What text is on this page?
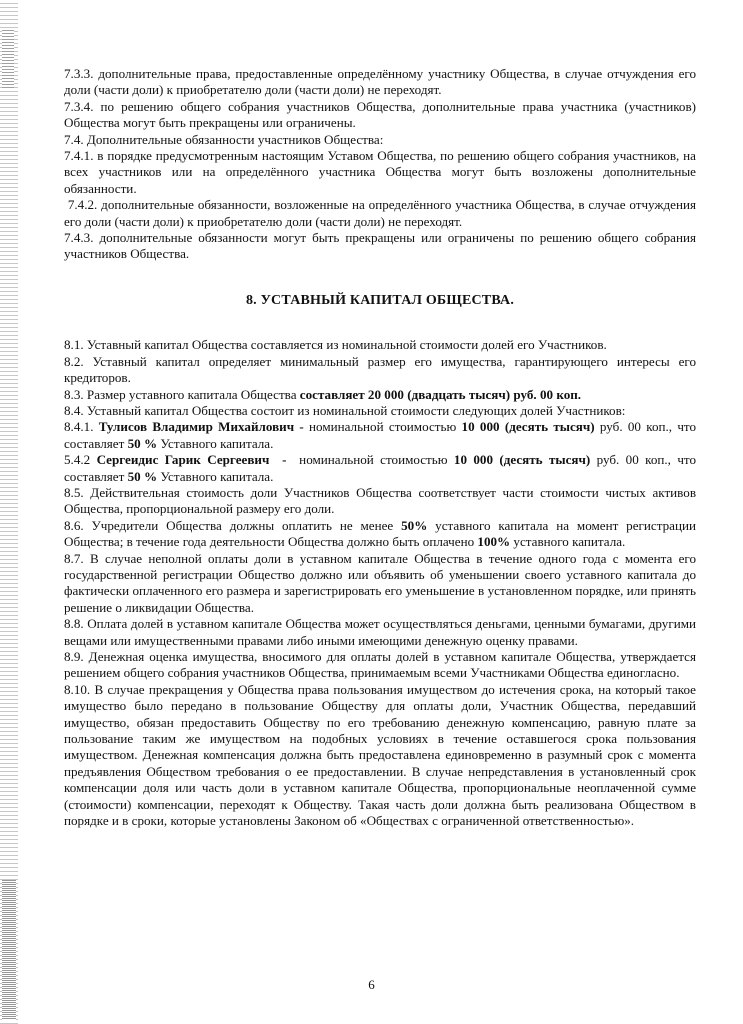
7.3.3. дополнительные права, предоставленные определённому участнику Общества, в случае отчуждения его доли (части доли) к приобретателю доли (части доли) не переходят.

7.3.4. по решению общего собрания участников Общества, дополнительные права участника (участников) Общества могут быть прекращены или ограничены.

7.4. Дополнительные обязанности участников Общества:

7.4.1. в порядке предусмотренным настоящим Уставом Общества, по решению общего собрания участников, на всех участников или на определённого участника Общества могут быть возложены дополнительные обязанности.

7.4.2. дополнительные обязанности, возложенные на определённого участника Общества, в случае отчуждения его доли (части доли) к приобретателю доли (части доли) не переходят.

7.4.3. дополнительные обязанности могут быть прекращены или ограничены по решению общего собрания участников Общества.

8. УСТАВНЫЙ КАПИТАЛ ОБЩЕСТВА.

8.1. Уставный капитал Общества составляется из номинальной стоимости долей его Участников.

8.2. Уставный капитал определяет минимальный размер его имущества, гарантирующего интересы его кредиторов.

8.3. Размер уставного капитала Общества составляет 20 000 (двадцать тысяч) руб. 00 коп.

8.4. Уставный капитал Общества состоит из номинальной стоимости следующих долей Участников:

8.4.1. Тулисов Владимир Михайлович - номинальной стоимостью 10 000 (десять тысяч) руб. 00 коп., что составляет 50 % Уставного капитала.

5.4.2 Сергеидис Гарик Сергеевич  -  номинальной стоимостью 10 000 (десять тысяч) руб. 00 коп., что составляет 50 % Уставного капитала.

8.5. Действительная стоимость доли Участников Общества соответствует части стоимости чистых активов Общества, пропорциональной размеру его доли.

8.6. Учредители Общества должны оплатить не менее 50% уставного капитала на момент регистрации Общества; в течение года деятельности Общества должно быть оплачено 100% уставного капитала.

8.7. В случае неполной оплаты доли в уставном капитале Общества в течение одного года с момента его государственной регистрации Общество должно или объявить об уменьшении своего уставного капитала до фактически оплаченного его размера и зарегистрировать его уменьшение в установленном порядке, или принять решение о ликвидации Общества.

8.8. Оплата долей в уставном капитале Общества может осуществляться деньгами, ценными бумагами, другими вещами или имущественными правами либо иными имеющими денежную оценку правами.

8.9. Денежная оценка имущества, вносимого для оплаты долей в уставном капитале Общества, утверждается решением общего собрания участников Общества, принимаемым всеми Участниками Общества единогласно.

8.10. В случае прекращения у Общества права пользования имуществом до истечения срока, на который такое имущество было передано в пользование Обществу для оплаты доли, Участник Общества, передавший имущество, обязан предоставить Обществу по его требованию денежную компенсацию, равную плате за пользование таким же имуществом на подобных условиях в течение оставшегося срока пользования имуществом. Денежная компенсация должна быть предоставлена единовременно в разумный срок с момента предъявления Обществом требования о ее предоставлении. В случае непредставления в установленный срок компенсации доля или часть доли в уставном капитале Общества, пропорциональные неоплаченной сумме (стоимости) компенсации, переходят к Обществу. Такая часть доли должна быть реализована Обществом в порядке и в сроки, которые установлены Законом об «Обществах с ограниченной ответственностью».

6
